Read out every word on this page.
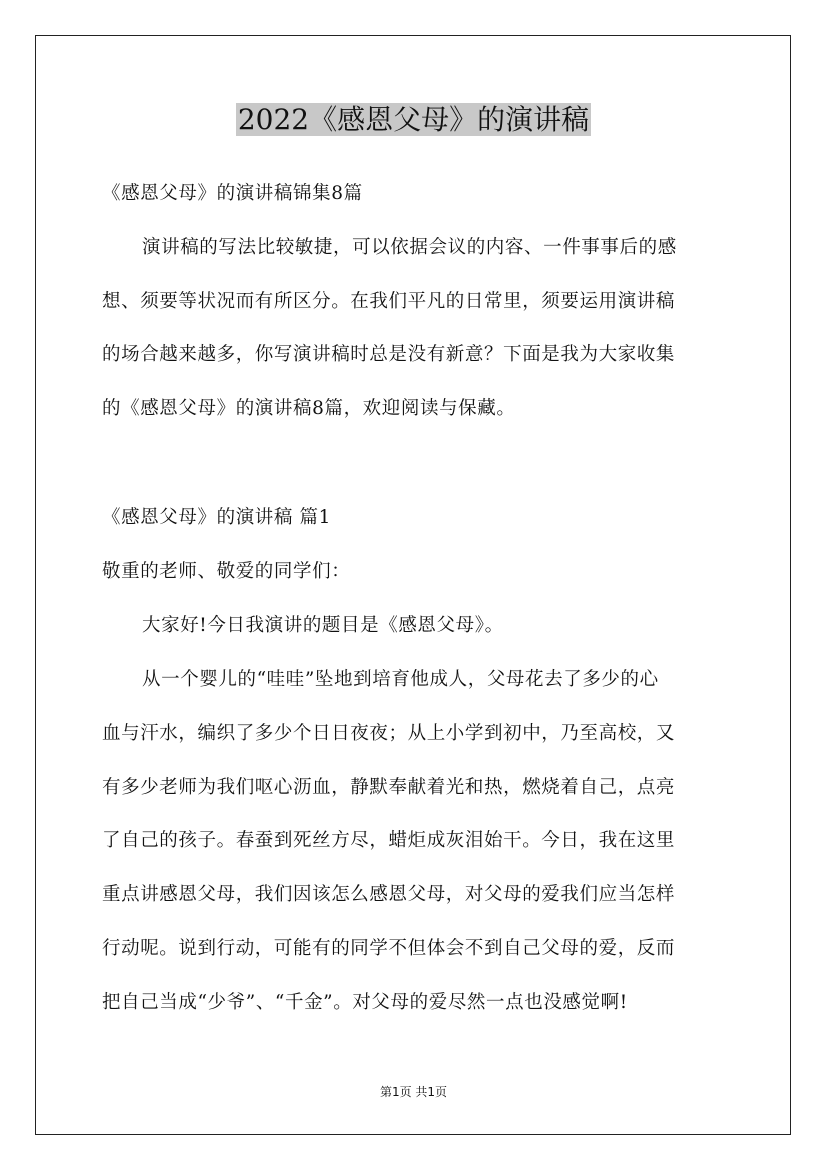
2022《感恩父母》的演讲稿
《感恩父母》的演讲稿锦集8篇
演讲稿的写法比较敏捷，可以依据会议的内容、一件事事后的感
想、须要等状况而有所区分。在我们平凡的日常里，须要运用演讲稿
的场合越来越多，你写演讲稿时总是没有新意？下面是我为大家收集
的《感恩父母》的演讲稿8篇，欢迎阅读与保藏。
《感恩父母》的演讲稿 篇1
敬重的老师、敬爱的同学们：
大家好!今日我演讲的题目是《感恩父母》。
从一个婴儿的“哇哇”坠地到培育他成人，父母花去了多少的心
血与汗水，编织了多少个日日夜夜；从上小学到初中，乃至高校，又
有多少老师为我们呕心沥血，静默奉献着光和热，燃烧着自己，点亮
了自己的孩子。春蚕到死丝方尽，蜡炬成灰泪始干。今日，我在这里
重点讲感恩父母，我们因该怎么感恩父母，对父母的爱我们应当怎样
行动呢。说到行动，可能有的同学不但体会不到自己父母的爱，反而
把自己当成“少爷”、“千金”。对父母的爱尽然一点也没感觉啊!
第1页 共1页
